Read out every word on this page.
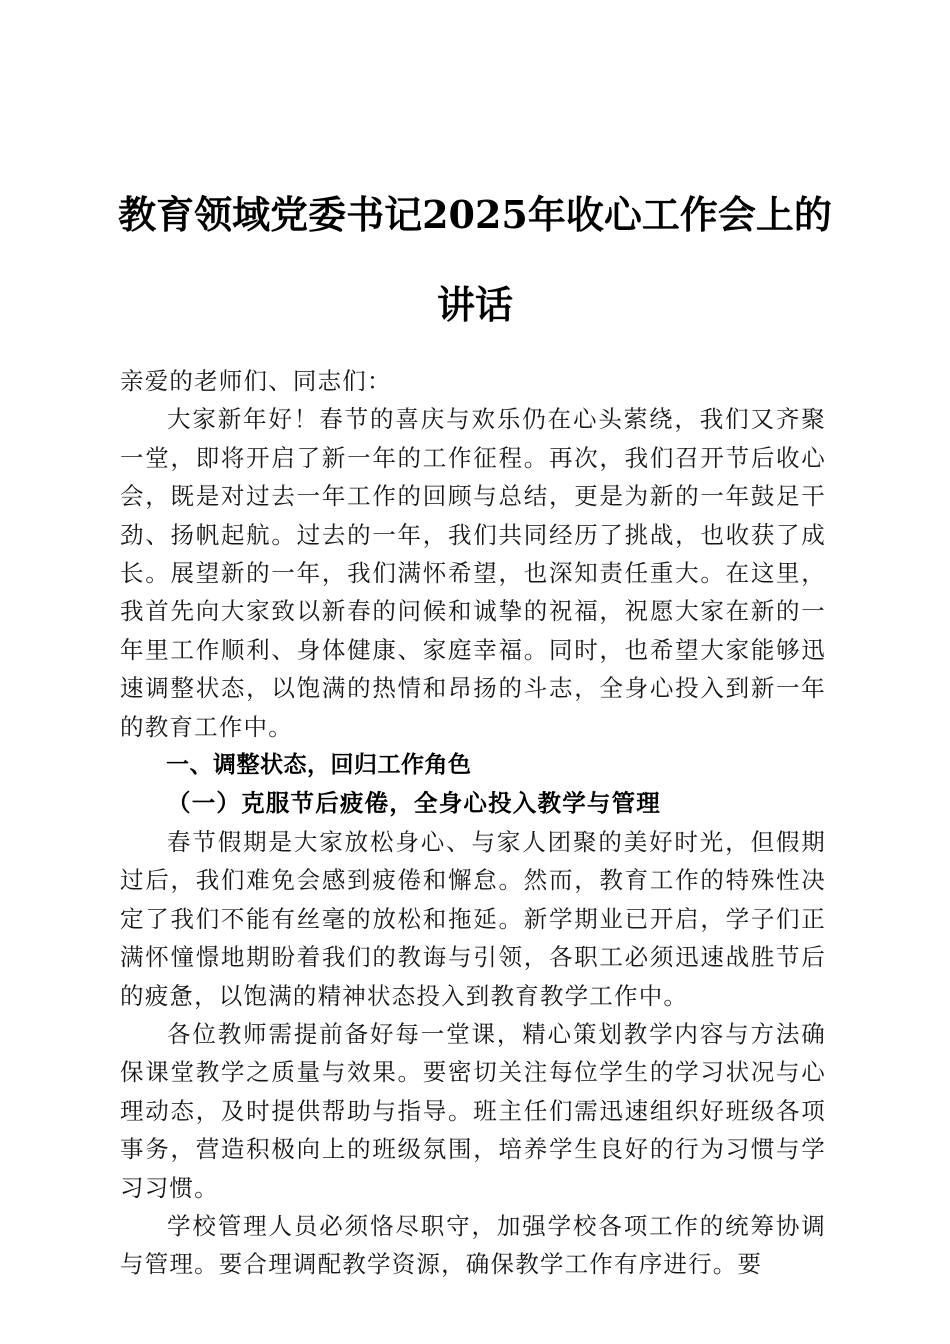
教育领域党委书记2025年收心工作会上的讲话

亲爱的老师们、同志们：

大家新年好！春节的喜庆与欢乐仍在心头萦绕，我们又齐聚一堂，即将开启了新一年的工作征程。再次，我们召开节后收心会，既是对过去一年工作的回顾与总结，更是为新的一年鼓足干劲、扬帆起航。过去的一年，我们共同经历了挑战，也收获了成长。展望新的一年，我们满怀希望，也深知责任重大。在这里，我首先向大家致以新春的问候和诚挚的祝福，祝愿大家在新的一年里工作顺利、身体健康、家庭幸福。同时，也希望大家能够迅速调整状态，以饱满的热情和昂扬的斗志，全身心投入到新一年的教育工作中。

一、调整状态，回归工作角色

（一）克服节后疲倦，全身心投入教学与管理

春节假期是大家放松身心、与家人团聚的美好时光，但假期过后，我们难免会感到疲倦和懈怠。然而，教育工作的特殊性决定了我们不能有丝毫的放松和拖延。新学期业已开启，学子们正满怀憧憬地期盼着我们的教诲与引领，各职工必须迅速战胜节后的疲惫，以饱满的精神状态投入到教育教学工作中。

各位教师需提前备好每一堂课，精心策划教学内容与方法确保课堂教学之质量与效果。要密切关注每位学生的学习状况与心理动态，及时提供帮助与指导。班主任们需迅速组织好班级各项事务，营造积极向上的班级氛围，培养学生良好的行为习惯与学习习惯。

学校管理人员必须恪尽职守，加强学校各项工作的统筹协调与管理。要合理调配教学资源，确保教学工作有序进行。要
